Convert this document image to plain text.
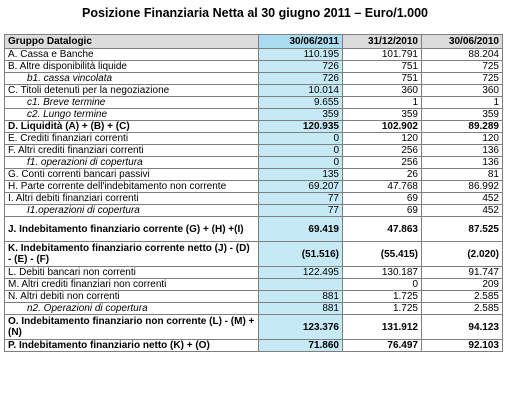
Posizione Finanziaria Netta al 30 giugno 2011 – Euro/1.000
Gruppo Datalogic	30/06/2011	31/12/2010	30/06/2010
A. Cassa e Banche	110.195	101.791	88.204
B. Altre disponibilità liquide	726	751	725
b1. cassa vincolata	726	751	725
C. Titoli detenuti per la negoziazione	10.014	360	360
c1. Breve termine	9.655	1	1
c2. Lungo termine	359	359	359
D. Liquidità (A) + (B) + (C)	120.935	102.902	89.289
E. Crediti finanziari correnti	0	120	120
F. Altri crediti finanziari correnti	0	256	136
f1. operazioni di copertura	0	256	136
G. Conti correnti bancari passivi	135	26	81
H. Parte corrente dell'indebitamento non corrente	69.207	47.768	86.992
I. Altri debiti finanziari correnti	77	69	452
I1.operazioni di copertura	77	69	452
J. Indebitamento finanziario corrente (G) + (H) +(I)	69.419	47.863	87.525
K. Indebitamento finanziario corrente netto (J) - (D) - (E) - (F)	(51.516)	(55.415)	(2.020)
L. Debiti bancari non correnti	122.495	130.187	91.747
M. Altri crediti finanziari non correnti		0	209
N. Altri debiti non correnti	881	1.725	2.585
n2. Operazioni di copertura	881	1.725	2.585
O. Indebitamento finanziario non corrente (L) - (M) + (N)	123.376	131.912	94.123
P. Indebitamento finanziario netto (K) + (O)	71.860	76.497	92.103
